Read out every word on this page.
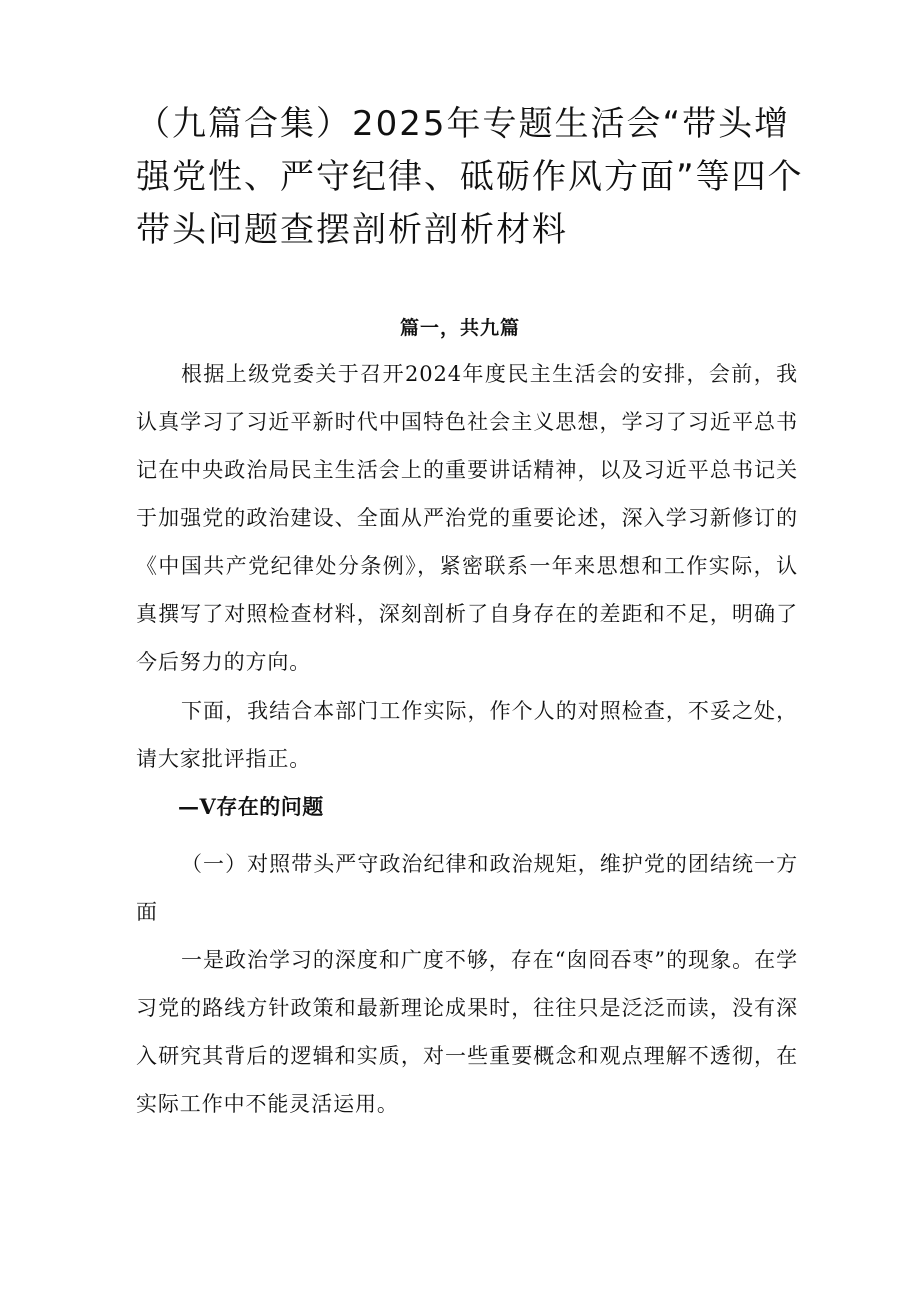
（九篇合集）2025年专题生活会“带头增强党性、严守纪律、砥砺作风方面”等四个带头问题查摆剖析剖析材料

篇一，共九篇

根据上级党委关于召开2024年度民主生活会的安排，会前，我认真学习了习近平新时代中国特色社会主义思想，学习了习近平总书记在中央政治局民主生活会上的重要讲话精神，以及习近平总书记关于加强党的政治建设、全面从严治党的重要论述，深入学习新修订的《中国共产党纪律处分条例》，紧密联系一年来思想和工作实际，认真撰写了对照检查材料，深刻剖析了自身存在的差距和不足，明确了今后努力的方向。

下面，我结合本部门工作实际，作个人的对照检查，不妥之处，请大家批评指正。

—V存在的问题

（一）对照带头严守政治纪律和政治规矩，维护党的团结统一方面

一是政治学习的深度和广度不够，存在“囱冏吞枣”的现象。在学习党的路线方针政策和最新理论成果时，往往只是泛泛而读，没有深入研究其背后的逻辑和实质，对一些重要概念和观点理解不透彻，在实际工作中不能灵活运用。
